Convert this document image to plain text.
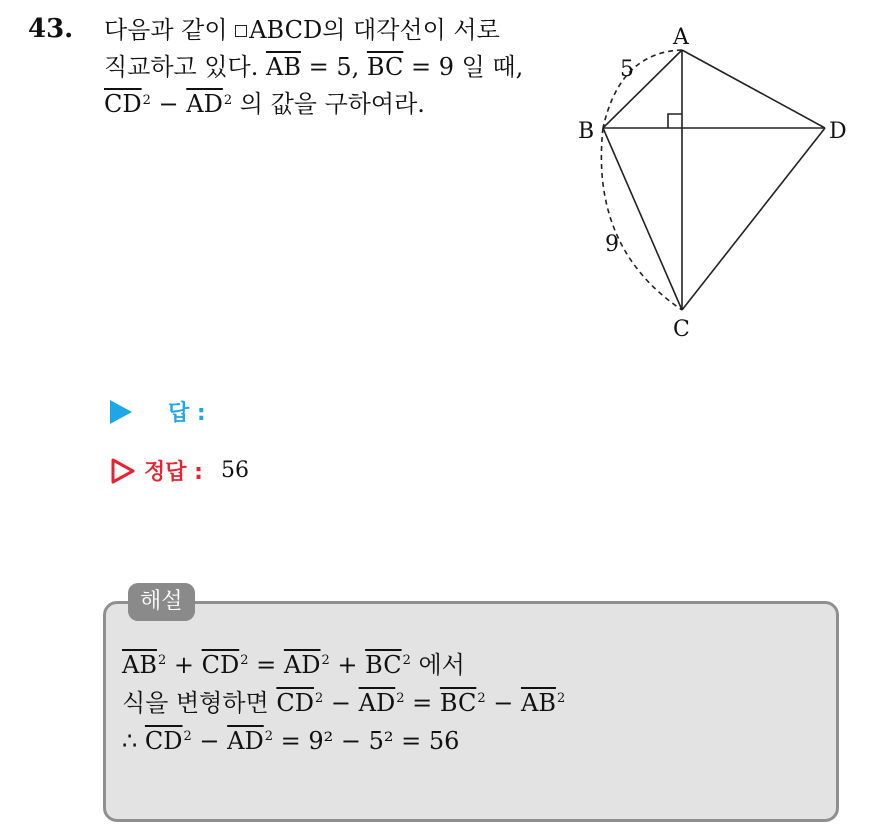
43. 다음과 같이 ABCD의 대각선이 서로
직교하고 있다. $\overline{AB} = 5$, $\overline{BC} = 9$ 일 때,
$\overline{CD}^2 - \overline{AD}^2$ 의 값을 구하여라.
A
B
C
D
5
9
답 :
정답 : 56
해설
$\overline{AB}^2 + \overline{CD}^2 = \overline{AD}^2 + \overline{BC}^2$ 에서
식을 변형하면 $\overline{CD}^2 - \overline{AD}^2 = \overline{BC}^2 - \overline{AB}^2$
∴ $\overline{CD}^2 - \overline{AD}^2 = 9^2 - 5^2 = 56$
